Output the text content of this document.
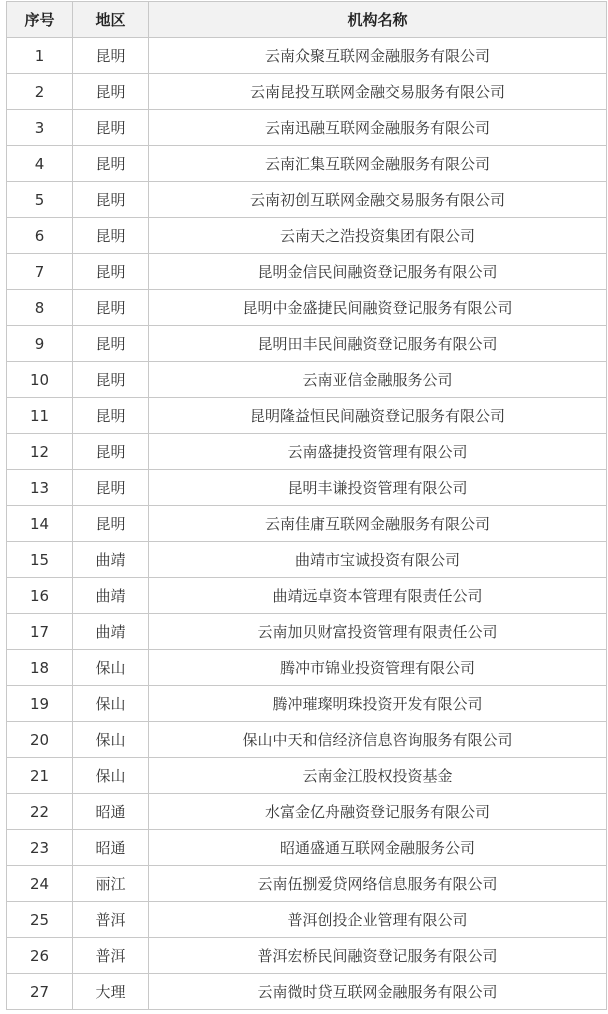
序号	地区	机构名称
1	昆明	云南众聚互联网金融服务有限公司
2	昆明	云南昆投互联网金融交易服务有限公司
3	昆明	云南迅融互联网金融服务有限公司
4	昆明	云南汇集互联网金融服务有限公司
5	昆明	云南初创互联网金融交易服务有限公司
6	昆明	云南天之浩投资集团有限公司
7	昆明	昆明金信民间融资登记服务有限公司
8	昆明	昆明中金盛捷民间融资登记服务有限公司
9	昆明	昆明田丰民间融资登记服务有限公司
10	昆明	云南亚信金融服务公司
11	昆明	昆明隆益恒民间融资登记服务有限公司
12	昆明	云南盛捷投资管理有限公司
13	昆明	昆明丰谦投资管理有限公司
14	昆明	云南佳庸互联网金融服务有限公司
15	曲靖	曲靖市宝诚投资有限公司
16	曲靖	曲靖远卓资本管理有限责任公司
17	曲靖	云南加贝财富投资管理有限责任公司
18	保山	腾冲市锦业投资管理有限公司
19	保山	腾冲璀璨明珠投资开发有限公司
20	保山	保山中天和信经济信息咨询服务有限公司
21	保山	云南金江股权投资基金
22	昭通	水富金亿舟融资登记服务有限公司
23	昭通	昭通盛通互联网金融服务公司
24	丽江	云南伍捌爱贷网络信息服务有限公司
25	普洱	普洱创投企业管理有限公司
26	普洱	普洱宏桥民间融资登记服务有限公司
27	大理	云南微时贷互联网金融服务有限公司
